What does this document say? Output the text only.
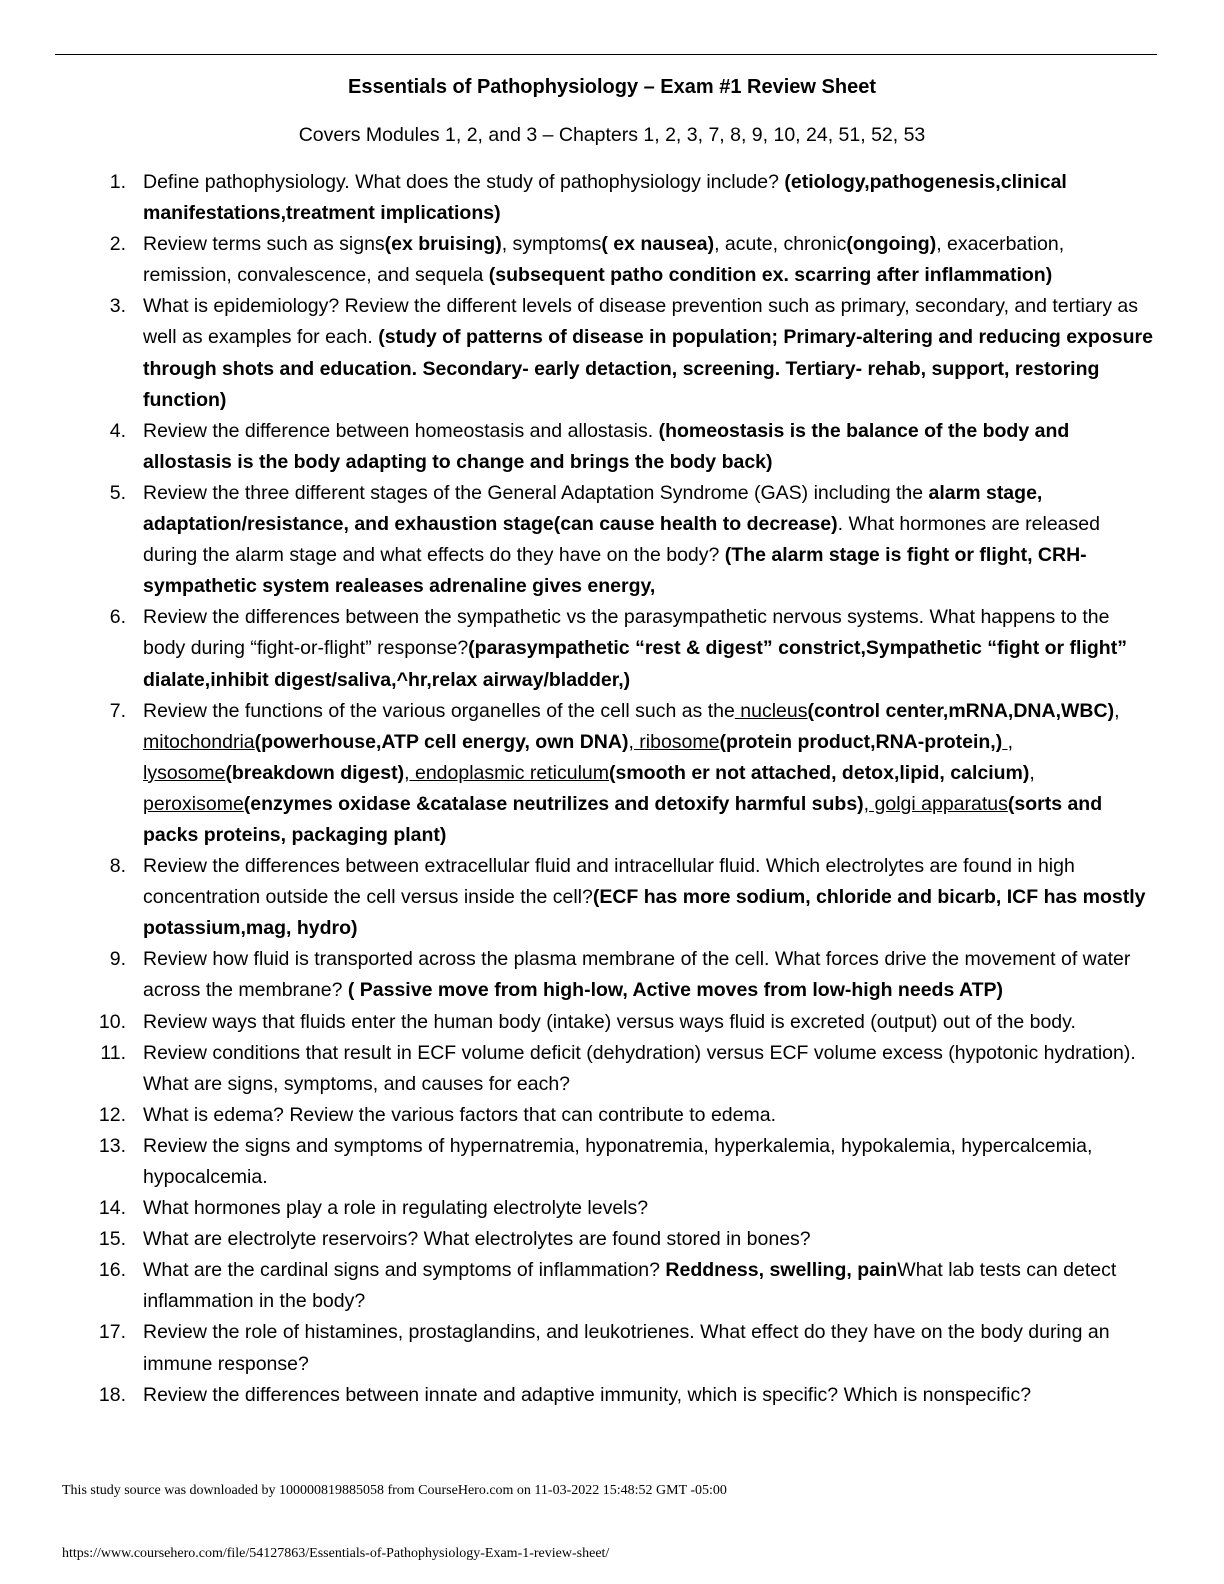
Essentials of Pathophysiology – Exam #1 Review Sheet
Covers Modules 1, 2, and 3 – Chapters 1, 2, 3, 7, 8, 9, 10, 24, 51, 52, 53
1. Define pathophysiology. What does the study of pathophysiology include? (etiology,pathogenesis,clinical manifestations,treatment implications)
2. Review terms such as signs(ex bruising), symptoms( ex nausea), acute, chronic(ongoing), exacerbation, remission, convalescence, and sequela (subsequent patho condition ex. scarring after inflammation)
3. What is epidemiology? Review the different levels of disease prevention such as primary, secondary, and tertiary as well as examples for each. (study of patterns of disease in population; Primary-altering and reducing exposure through shots and education. Secondary- early detaction, screening. Tertiary- rehab, support, restoring function)
4. Review the difference between homeostasis and allostasis. (homeostasis is the balance of the body and allostasis is the body adapting to change and brings the body back)
5. Review the three different stages of the General Adaptation Syndrome (GAS) including the alarm stage, adaptation/resistance, and exhaustion stage(can cause health to decrease). What hormones are released during the alarm stage and what effects do they have on the body? (The alarm stage is fight or flight, CRH-sympathetic system realeases adrenaline gives energy,
6. Review the differences between the sympathetic vs the parasympathetic nervous systems. What happens to the body during “fight-or-flight” response?(parasympathetic “rest & digest” constrict,Sympathetic “fight or flight” dialate,inhibit digest/saliva,^hr,relax airway/bladder,)
7. Review the functions of the various organelles of the cell such as the nucleus(control center,mRNA,DNA,WBC), mitochondria(powerhouse,ATP cell energy, own DNA), ribosome(protein product,RNA-protein,) , lysosome(breakdown digest), endoplasmic reticulum(smooth er not attached, detox,lipid, calcium), peroxisome(enzymes oxidase &catalase neutrilizes and detoxify harmful subs), golgi apparatus(sorts and packs proteins, packaging plant)
8. Review the differences between extracellular fluid and intracellular fluid. Which electrolytes are found in high concentration outside the cell versus inside the cell?(ECF has more sodium, chloride and bicarb, ICF has mostly potassium,mag, hydro)
9. Review how fluid is transported across the plasma membrane of the cell. What forces drive the movement of water across the membrane? ( Passive move from high-low, Active moves from low-high needs ATP)
10. Review ways that fluids enter the human body (intake) versus ways fluid is excreted (output) out of the body.
11. Review conditions that result in ECF volume deficit (dehydration) versus ECF volume excess (hypotonic hydration). What are signs, symptoms, and causes for each?
12. What is edema? Review the various factors that can contribute to edema.
13. Review the signs and symptoms of hypernatremia, hyponatremia, hyperkalemia, hypokalemia, hypercalcemia, hypocalcemia.
14. What hormones play a role in regulating electrolyte levels?
15. What are electrolyte reservoirs? What electrolytes are found stored in bones?
16. What are the cardinal signs and symptoms of inflammation? Reddness, swelling, painWhat lab tests can detect inflammation in the body?
17. Review the role of histamines, prostaglandins, and leukotrienes. What effect do they have on the body during an immune response?
18. Review the differences between innate and adaptive immunity, which is specific? Which is nonspecific?
This study source was downloaded by 100000819885058 from CourseHero.com on 11-03-2022 15:48:52 GMT -05:00
https://www.coursehero.com/file/54127863/Essentials-of-Pathophysiology-Exam-1-review-sheet/
